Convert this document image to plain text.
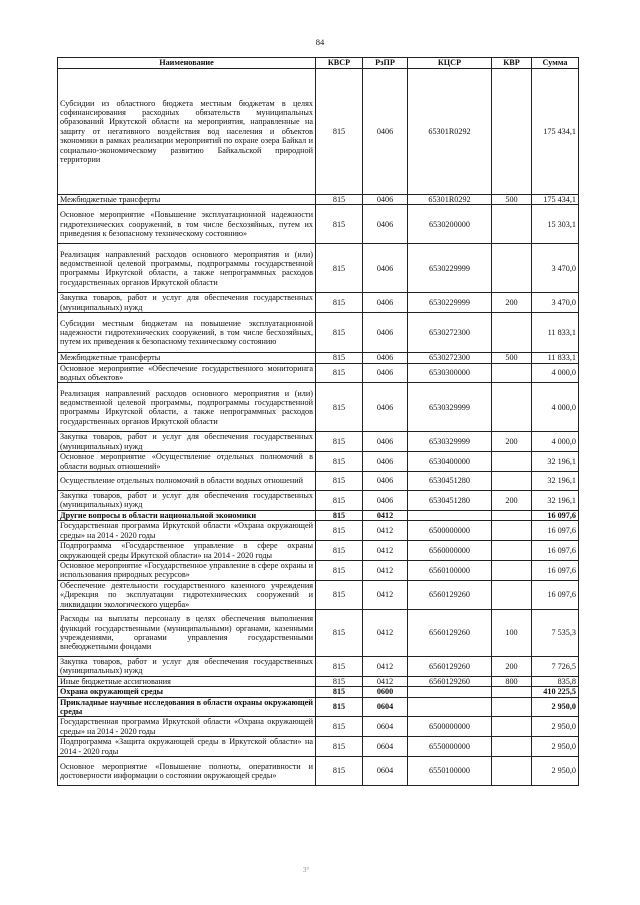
84
Наименование	КВСР	РзПР	КЦСР	КВР	Сумма
Субсидии из областного бюджета местным бюджетам в целях софинансирования расходных обязательств муниципальных образований Иркутской области на мероприятия, направленные на защиту от негативного воздействия вод населения и объектов экономики в рамках реализации мероприятий по охране озера Байкал и социально-экономическому развитию Байкальской природной территории	815	0406	65301R0292		175 434,1
Межбюджетные трансферты	815	0406	65301R0292	500	175 434,1
Основное мероприятие «Повышение эксплуатационной надежности гидротехнических сооружений, в том числе бесхозяйных, путем их приведения к безопасному техническому состоянию»	815	0406	6530200000		15 303,1
Реализация направлений расходов основного мероприятия и (или) ведомственной целевой программы, подпрограммы государственной программы Иркутской области, а также непрограммных расходов государственных органов Иркутской области	815	0406	6530229999		3 470,0
Закупка товаров, работ и услуг для обеспечения государственных (муниципальных) нужд	815	0406	6530229999	200	3 470,0
Субсидии местным бюджетам на повышение эксплуатационной надежности гидротехнических сооружений, в том числе бесхозяйных, путем их приведения к безопасному техническому состоянию	815	0406	6530272300		11 833,1
Межбюджетные трансферты	815	0406	6530272300	500	11 833,1
Основное мероприятие «Обеспечение государственного мониторинга водных объектов»	815	0406	6530300000		4 000,0
Реализация направлений расходов основного мероприятия и (или) ведомственной целевой программы, подпрограммы государственной программы Иркутской области, а также непрограммных расходов государственных органов Иркутской области	815	0406	6530329999		4 000,0
Закупка товаров, работ и услуг для обеспечения государственных (муниципальных) нужд	815	0406	6530329999	200	4 000,0
Основное мероприятие «Осуществление отдельных полномочий в области водных отношений»	815	0406	6530400000		32 196,1
Осуществление отдельных полномочий в области водных отношений	815	0406	6530451280		32 196,1
Закупка товаров, работ и услуг для обеспечения государственных (муниципальных) нужд	815	0406	6530451280	200	32 196,1
Другие вопросы в области национальной экономики	815	0412			16 097,6
Государственная программа Иркутской области «Охрана окружающей среды» на 2014 - 2020 годы	815	0412	6500000000		16 097,6
Подпрограмма «Государственное управление в сфере охраны окружающей среды Иркутской области» на 2014 - 2020 годы	815	0412	6560000000		16 097,6
Основное мероприятие «Государственное управление в сфере охраны и использования природных ресурсов»	815	0412	6560100000		16 097,6
Обеспечение деятельности государственного казенного учреждения «Дирекция по эксплуатации гидротехнических сооружений и ликвидации экологического ущерба»	815	0412	6560129260		16 097,6
Расходы на выплаты персоналу в целях обеспечения выполнения функций государственными (муниципальными) органами, казенными учреждениями, органами управления государственными внебюджетными фондами	815	0412	6560129260	100	7 535,3
Закупка товаров, работ и услуг для обеспечения государственных (муниципальных) нужд	815	0412	6560129260	200	7 726,5
Иные бюджетные ассигнования	815	0412	6560129260	800	835,8
Охрана окружающей среды	815	0600			410 225,5
Прикладные научные исследования в области охраны окружающей среды	815	0604			2 950,0
Государственная программа Иркутской области «Охрана окружающей среды» на 2014 - 2020 годы	815	0604	6500000000		2 950,0
Подпрограмма «Защита окружающей среды в Иркутской области» на 2014 - 2020 годы	815	0604	6550000000		2 950,0
Основное мероприятие «Повышение полноты, оперативности и достоверности информации о состоянии окружающей среды»	815	0604	6550100000		2 950,0
3°
